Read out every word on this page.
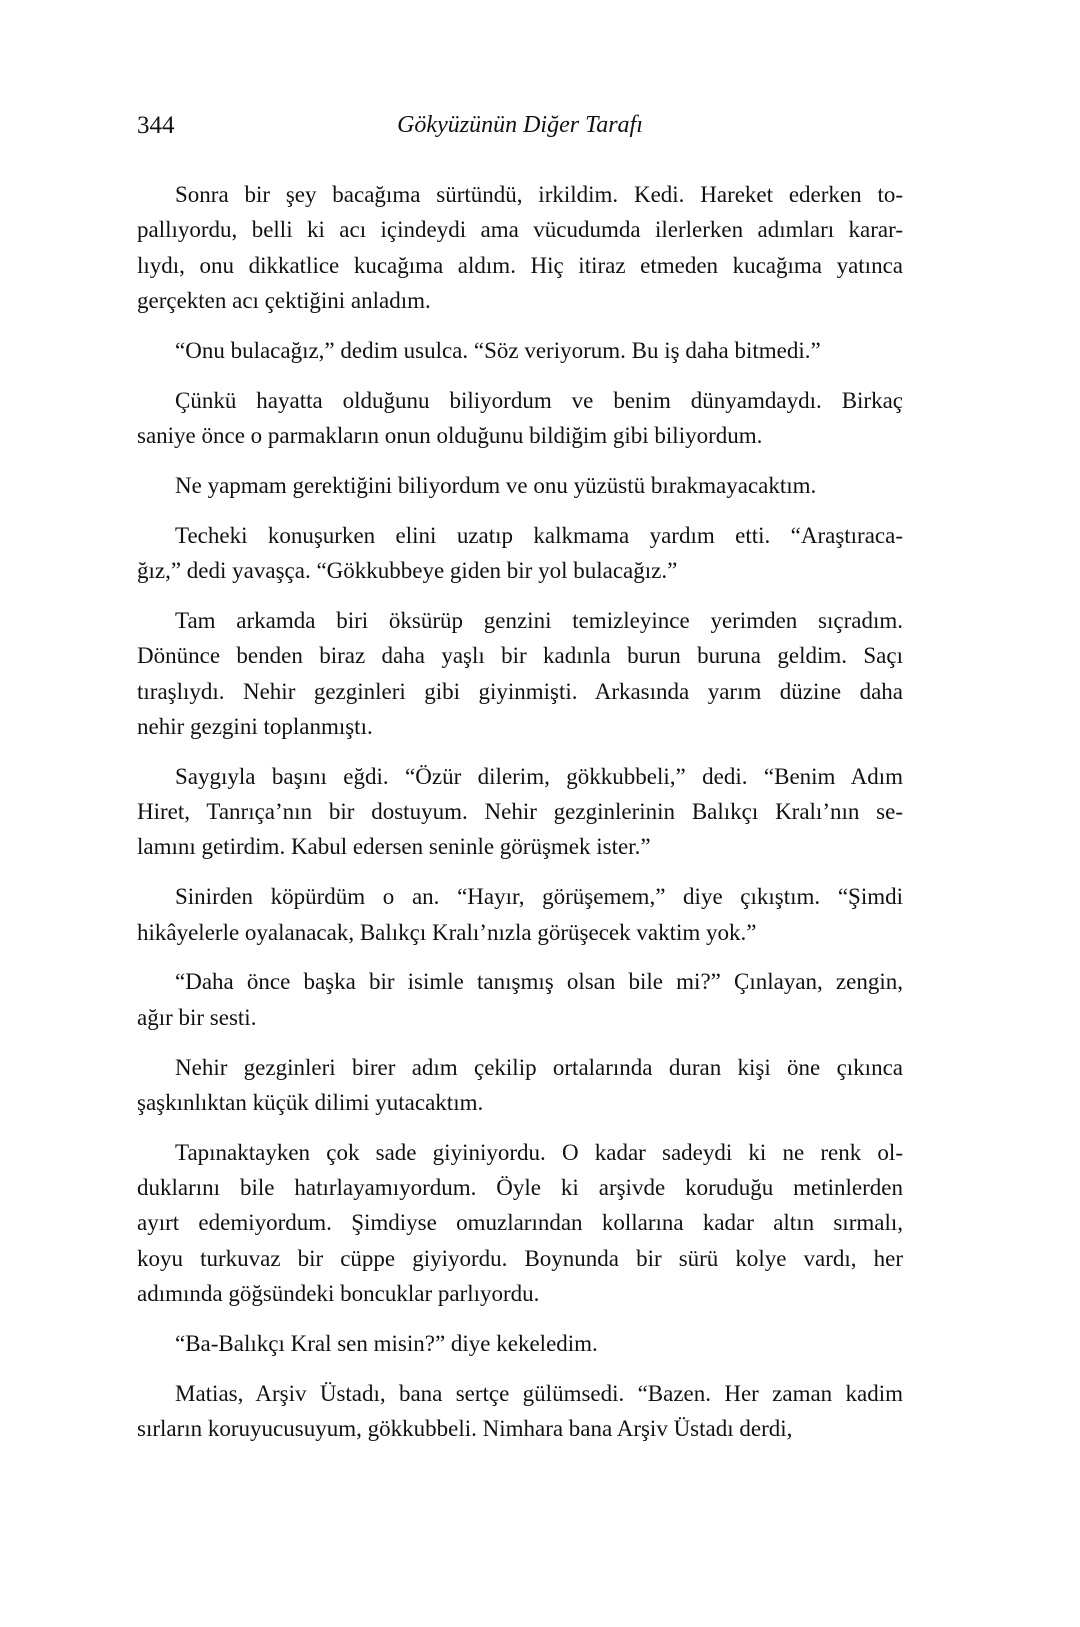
344	Gökyüzünün Diğer Tarafı
Sonra bir şey bacağıma sürtündü, irkildim. Kedi. Hareket ederken to-
pallıyordu, belli ki acı içindeydi ama vücudumda ilerlerken adımları karar-
lıydı, onu dikkatlice kucağıma aldım. Hiç itiraz etmeden kucağıma yatınca
gerçekten acı çektiğini anladım.
“Onu bulacağız,” dedim usulca. “Söz veriyorum. Bu iş daha bitmedi.”
Çünkü hayatta olduğunu biliyordum ve benim dünyamdaydı. Birkaç
saniye önce o parmakların onun olduğunu bildiğim gibi biliyordum.
Ne yapmam gerektiğini biliyordum ve onu yüzüstü bırakmayacaktım.
Techeki konuşurken elini uzatıp kalkmama yardım etti. “Araştıraca-
ğız,” dedi yavaşça. “Gökkubbeye giden bir yol bulacağız.”
Tam arkamda biri öksürüp genzini temizleyince yerimden sıçradım.
Dönünce benden biraz daha yaşlı bir kadınla burun buruna geldim. Saçı
tıraşlıydı. Nehir gezginleri gibi giyinmişti. Arkasında yarım düzine daha
nehir gezgini toplanmıştı.
Saygıyla başını eğdi. “Özür dilerim, gökkubbeli,” dedi. “Benim Adım
Hiret, Tanrıça’nın bir dostuyum. Nehir gezginlerinin Balıkçı Kralı’nın se-
lamını getirdim. Kabul edersen seninle görüşmek ister.”
Sinirden köpürdüm o an. “Hayır, görüşemem,” diye çıkıştım. “Şimdi
hikâyelerle oyalanacak, Balıkçı Kralı’nızla görüşecek vaktim yok.”
“Daha önce başka bir isimle tanışmış olsan bile mi?” Çınlayan, zengin,
ağır bir sesti.
Nehir gezginleri birer adım çekilip ortalarında duran kişi öne çıkınca
şaşkınlıktan küçük dilimi yutacaktım.
Tapınaktayken çok sade giyiniyordu. O kadar sadeydi ki ne renk ol-
duklarını bile hatırlayamıyordum. Öyle ki arşivde koruduğu metinlerden
ayırt edemiyordum. Şimdiyse omuzlarından kollarına kadar altın sırmalı,
koyu turkuvaz bir cüppe giyiyordu. Boynunda bir sürü kolye vardı, her
adımında göğsündeki boncuklar parlıyordu.
“Ba-Balıkçı Kral sen misin?” diye kekeledim.
Matias, Arşiv Üstadı, bana sertçe gülümsedi. “Bazen. Her zaman kadim
sırların koruyucusuyum, gökkubbeli. Nimhara bana Arşiv Üstadı derdi,
